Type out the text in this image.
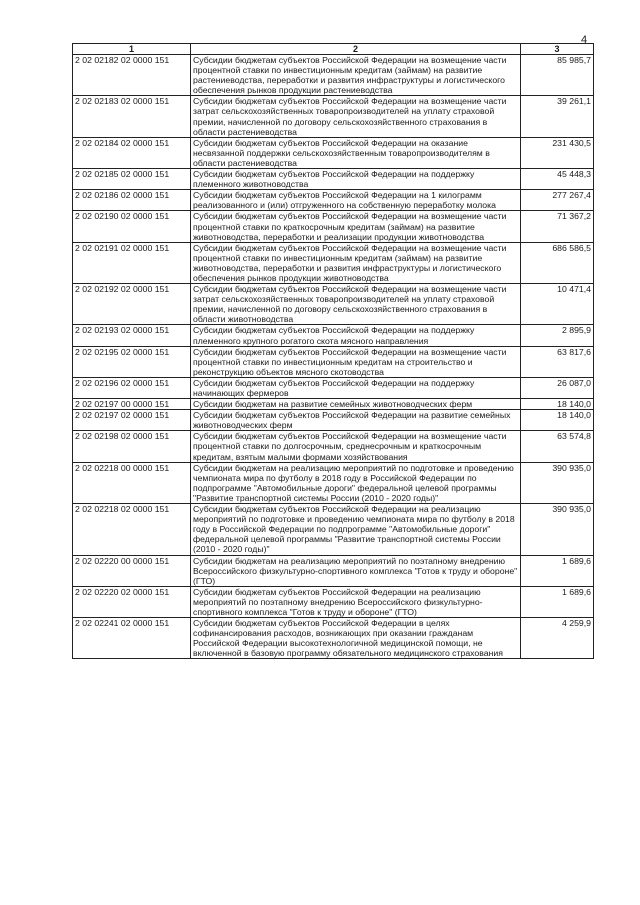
4
1	2	3
2 02 02182 02 0000 151	Субсидии бюджетам субъектов Российской Федерации на возмещение части процентной ставки по инвестиционным кредитам (займам) на развитие растениеводства, переработки и развития инфраструктуры и логистического обеспечения рынков продукции растениеводства	85 985,7
2 02 02183 02 0000 151	Субсидии бюджетам субъектов Российской Федерации на возмещение части затрат сельскохозяйственных товаропроизводителей на уплату страховой премии, начисленной по договору сельскохозяйственного страхования в области растениеводства	39 261,1
2 02 02184 02 0000 151	Субсидии бюджетам субъектов Российской Федерации на оказание несвязанной поддержки сельскохозяйственным товаропроизводителям в области растениеводства	231 430,5
2 02 02185 02 0000 151	Субсидии бюджетам субъектов Российской Федерации на поддержку племенного животноводства	45 448,3
2 02 02186 02 0000 151	Субсидии бюджетам субъектов Российской Федерации на 1 килограмм реализованного и (или) отгруженного на собственную переработку молока	277 267,4
2 02 02190 02 0000 151	Субсидии бюджетам субъектов Российской Федерации на возмещение части процентной ставки по краткосрочным кредитам (займам) на развитие животноводства, переработки и реализации продукции животноводства	71 367,2
2 02 02191 02 0000 151	Субсидии бюджетам субъектов Российской Федерации на возмещение части процентной ставки по инвестиционным кредитам (займам) на развитие животноводства, переработки и развития инфраструктуры и логистического обеспечения рынков продукции животноводства	686 586,5
2 02 02192 02 0000 151	Субсидии бюджетам субъектов Российской Федерации на возмещение части затрат сельскохозяйственных товаропроизводителей на уплату страховой премии, начисленной по договору сельскохозяйственного страхования в области животноводства	10 471,4
2 02 02193 02 0000 151	Субсидии бюджетам субъектов Российской Федерации на поддержку племенного крупного рогатого скота мясного направления	2 895,9
2 02 02195 02 0000 151	Субсидии бюджетам субъектов Российской Федерации на возмещение части процентной ставки по инвестиционным кредитам на строительство и реконструкцию объектов мясного скотоводства	63 817,6
2 02 02196 02 0000 151	Субсидии бюджетам субъектов Российской Федерации на поддержку начинающих фермеров	26 087,0
2 02 02197 00 0000 151	Субсидии бюджетам на развитие семейных животноводческих ферм	18 140,0
2 02 02197 02 0000 151	Субсидии бюджетам субъектов Российской Федерации на развитие семейных животноводческих ферм	18 140,0
2 02 02198 02 0000 151	Субсидии бюджетам субъектов Российской Федерации на возмещение части процентной ставки по долгосрочным, среднесрочным и краткосрочным кредитам, взятым малыми формами хозяйствования	63 574,8
2 02 02218 00 0000 151	Субсидии бюджетам на реализацию мероприятий по подготовке и проведению чемпионата мира по футболу в 2018 году в Российской Федерации по подпрограмме "Автомобильные дороги" федеральной целевой программы "Развитие транспортной системы России (2010 - 2020 годы)"	390 935,0
2 02 02218 02 0000 151	Субсидии бюджетам субъектов Российской Федерации на реализацию мероприятий по подготовке и проведению чемпионата мира по футболу в 2018 году в Российской Федерации по подпрограмме "Автомобильные дороги" федеральной целевой программы "Развитие транспортной системы России (2010 - 2020 годы)"	390 935,0
2 02 02220 00 0000 151	Субсидии бюджетам на реализацию мероприятий по поэтапному внедрению Всероссийского физкультурно-спортивного комплекса "Готов к труду и обороне" (ГТО)	1 689,6
2 02 02220 02 0000 151	Субсидии бюджетам субъектов Российской Федерации на реализацию мероприятий по поэтапному внедрению Всероссийского физкультурно-спортивного комплекса "Готов к труду и обороне" (ГТО)	1 689,6
2 02 02241 02 0000 151	Субсидии бюджетам субъектов Российской Федерации в целях софинансирования расходов, возникающих при оказании гражданам Российской Федерации высокотехнологичной медицинской помощи, не включенной в базовую программу обязательного медицинского страхования	4 259,9
